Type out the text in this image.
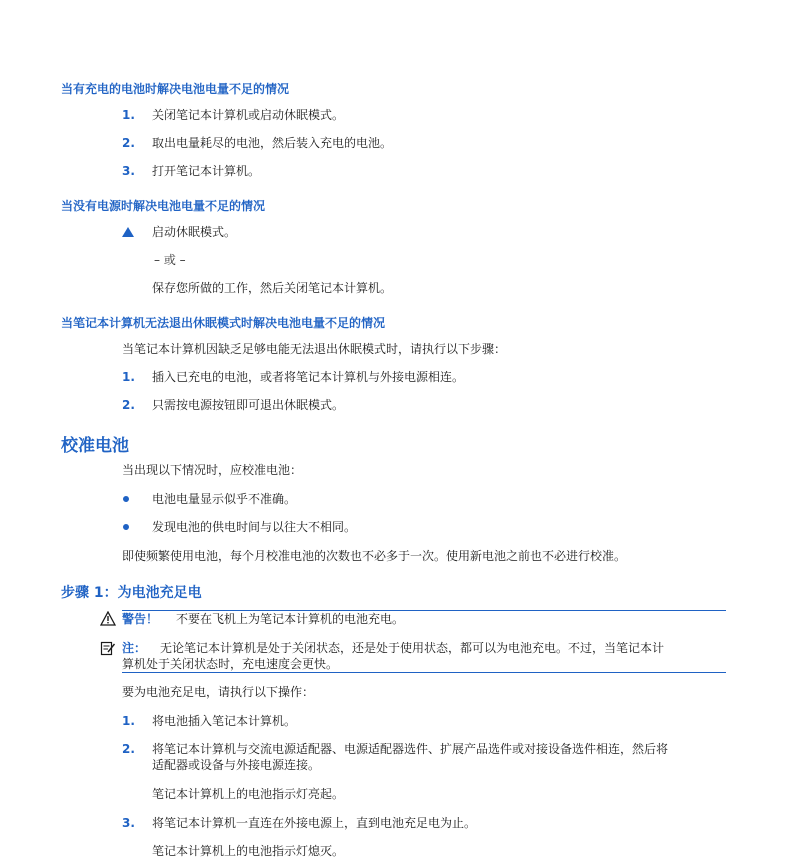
当有充电的电池时解决电池电量不足的情况
1. 关闭笔记本计算机或启动休眠模式。
2. 取出电量耗尽的电池，然后装入充电的电池。
3. 打开笔记本计算机。
当没有电源时解决电池电量不足的情况
启动休眠模式。
– 或 –
保存您所做的工作，然后关闭笔记本计算机。
当笔记本计算机无法退出休眠模式时解决电池电量不足的情况
当笔记本计算机因缺乏足够电能无法退出休眠模式时，请执行以下步骤：
1. 插入已充电的电池，或者将笔记本计算机与外接电源相连。
2. 只需按电源按钮即可退出休眠模式。
校准电池
当出现以下情况时，应校准电池：
电池电量显示似乎不准确。
发现电池的供电时间与以往大不相同。
即使频繁使用电池，每个月校准电池的次数也不必多于一次。使用新电池之前也不必进行校准。
步骤 1：为电池充足电
警告！ 不要在飞机上为笔记本计算机的电池充电。
注： 无论笔记本计算机是处于关闭状态，还是处于使用状态，都可以为电池充电。不过，当笔记本计
算机处于关闭状态时，充电速度会更快。
要为电池充足电，请执行以下操作：
1. 将电池插入笔记本计算机。
2. 将笔记本计算机与交流电源适配器、电源适配器选件、扩展产品选件或对接设备选件相连，然后将
适配器或设备与外接电源连接。
笔记本计算机上的电池指示灯亮起。
3. 将笔记本计算机一直连在外接电源上，直到电池充足电为止。
笔记本计算机上的电池指示灯熄灭。
